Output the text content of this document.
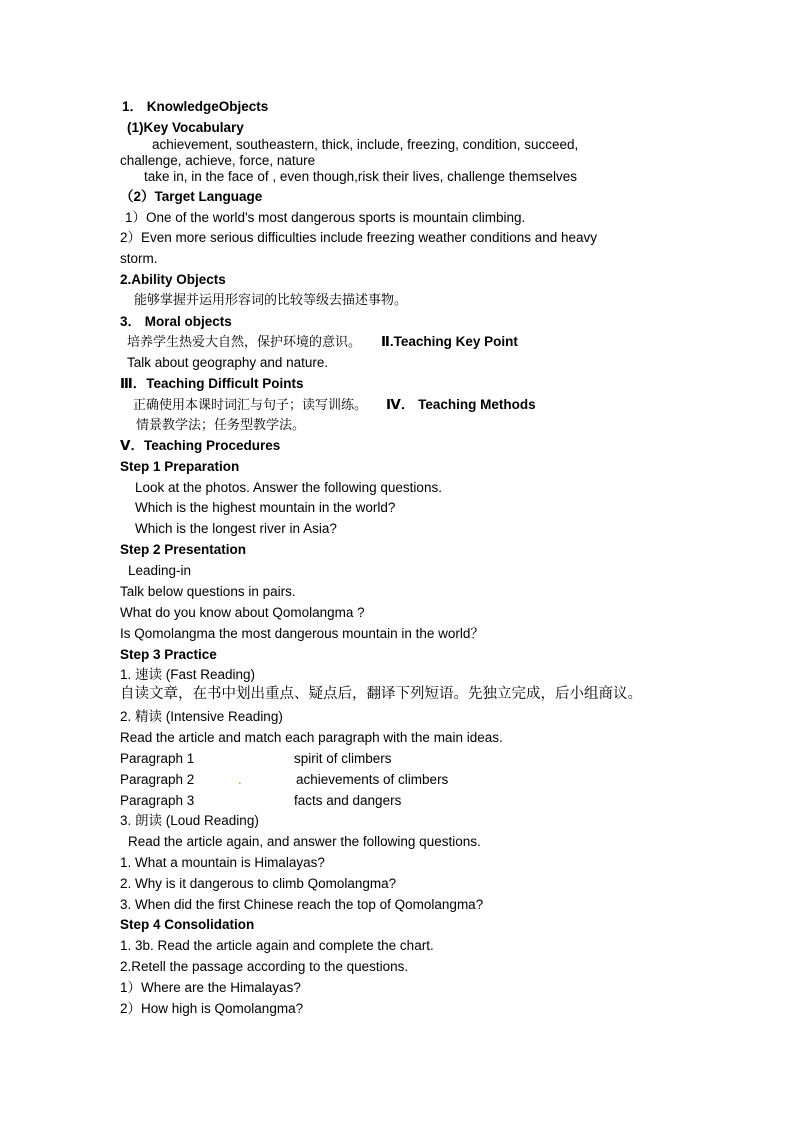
1． KnowledgeObjects
(1)Key Vocabulary
achievement, southeastern, thick, include, freezing, condition, succeed,
challenge, achieve, force, nature
take in, in the face of , even though,risk their lives, challenge themselves
（2）Target Language
1）One of the world's most dangerous sports is mountain climbing.
2）Even more serious difficulties include freezing weather conditions and heavy
storm.
2.Ability Objects
能够掌握并运用形容词的比较等级去描述事物。
3． Moral objects
培养学生热爱大自然，保护环境的意识。 Ⅱ.Teaching Key Point
Talk about geography and nature.
Ⅲ．Teaching Difficult Points
正确使用本课时词汇与句子；读写训练。 Ⅳ． Teaching Methods
情景教学法；任务型教学法。
Ⅴ．Teaching Procedures
Step 1 Preparation
Look at the photos. Answer the following questions.
Which is the highest mountain in the world?
Which is the longest river in Asia?
Step 2 Presentation
Leading-in
Talk below questions in pairs.
What do you know about Qomolangma ?
Is Qomolangma the most dangerous mountain in the world？
Step 3 Practice
1. 速读 (Fast Reading)
自读文章，在书中划出重点、疑点后，翻译下列短语。先独立完成，后小组商议。
2. 精读 (Intensive Reading)
Read the article and match each paragraph with the main ideas.
Paragraph 1	spirit of climbers
Paragraph 2	.	achievements of climbers
Paragraph 3	facts and dangers
3. 朗读 (Loud Reading)
Read the article again, and answer the following questions.
1. What a mountain is Himalayas?
2. Why is it dangerous to climb Qomolangma?
3. When did the first Chinese reach the top of Qomolangma?
Step 4 Consolidation
1. 3b. Read the article again and complete the chart.
2.Retell the passage according to the questions.
1）Where are the Himalayas?
2）How high is Qomolangma?
